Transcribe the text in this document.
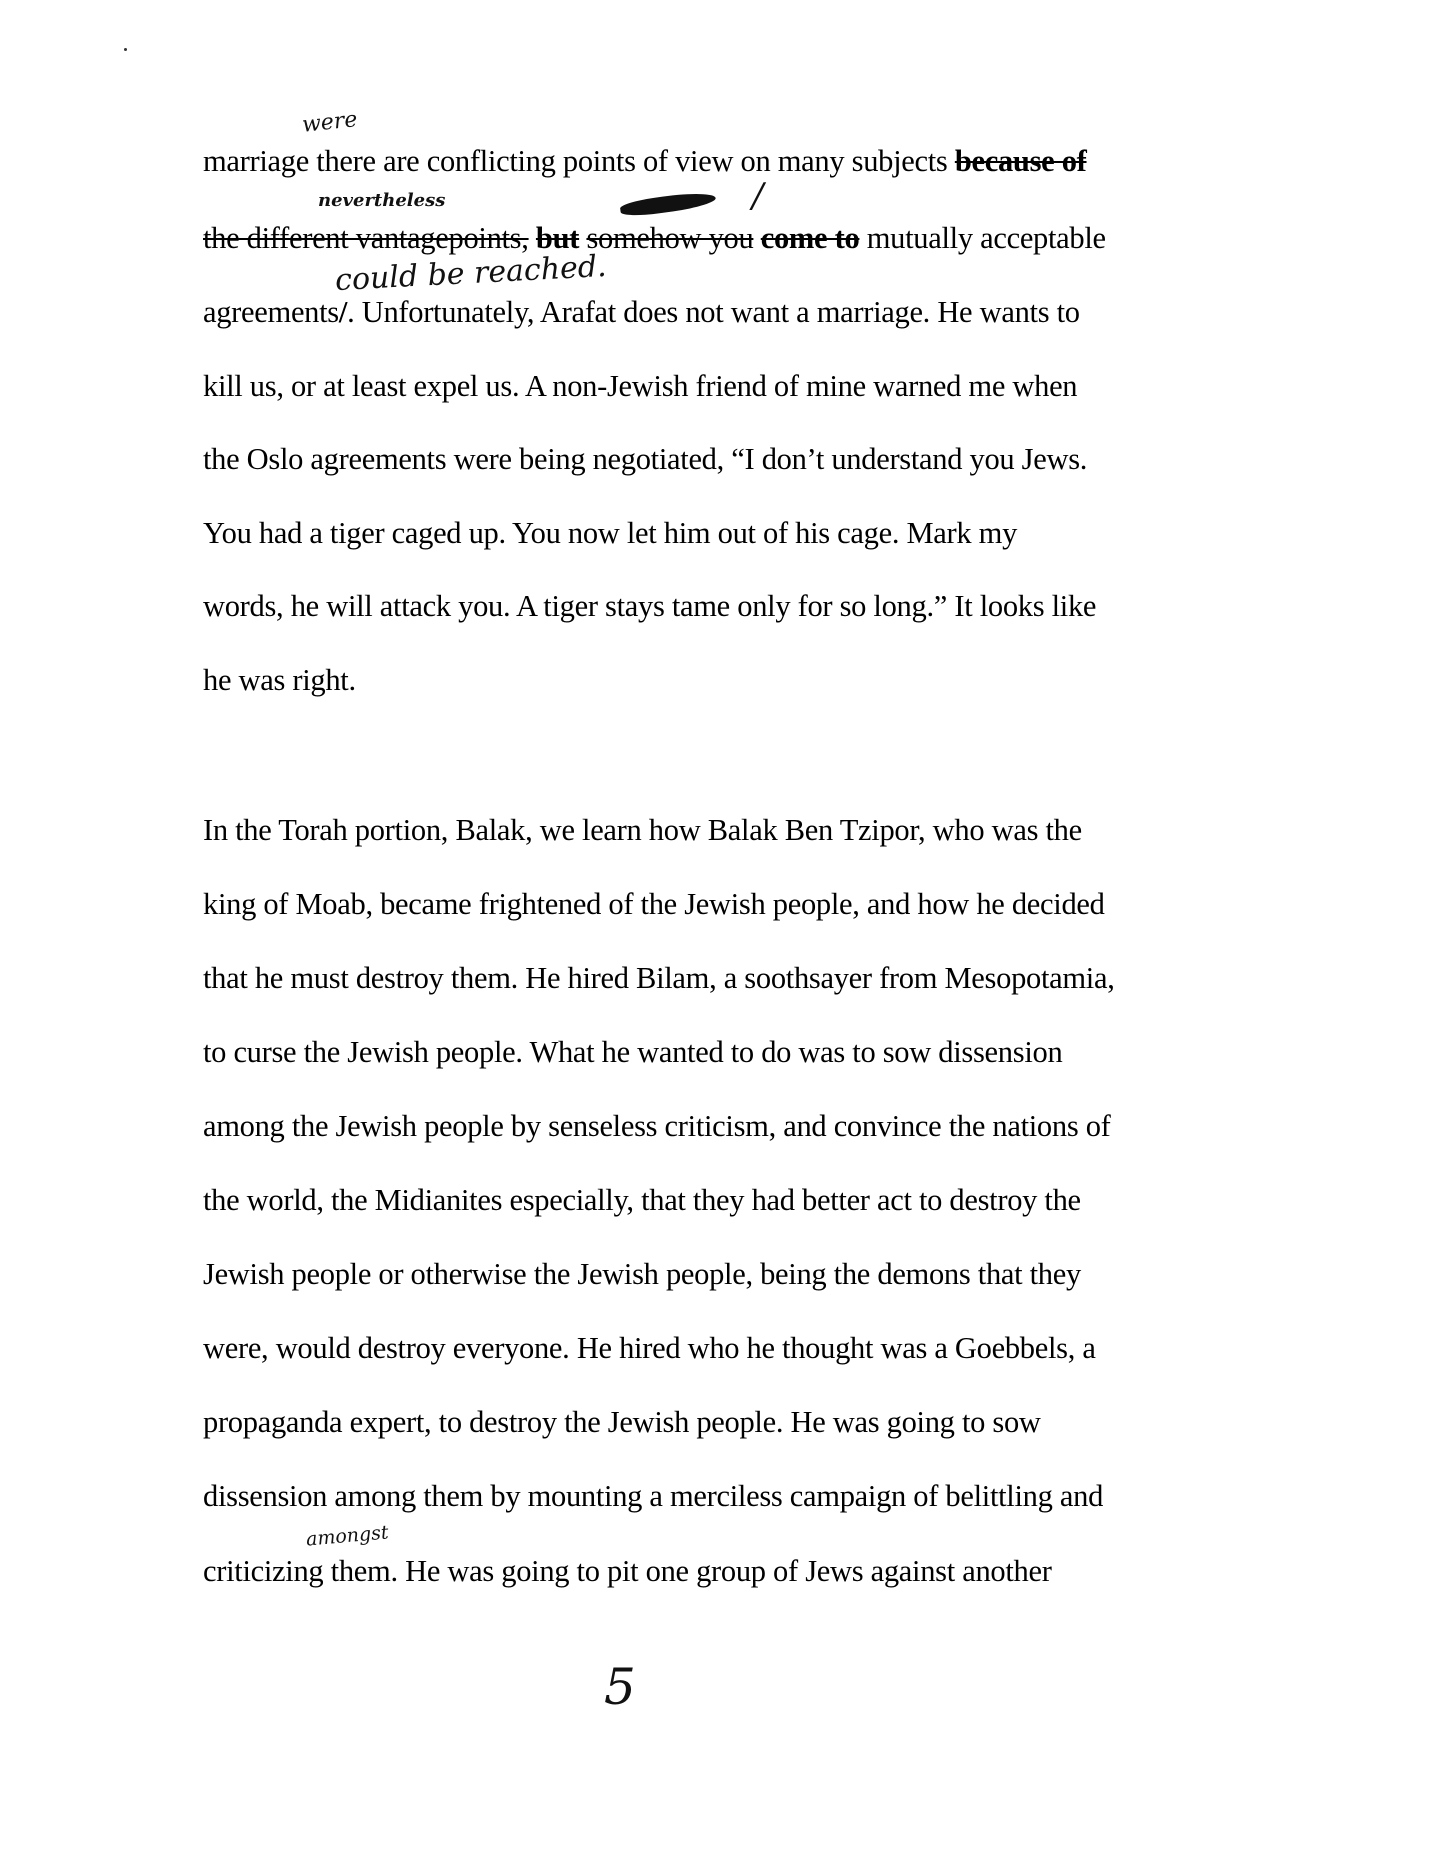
were
nevertheless	/
could be reached.
marriage there are conflicting points of view on many subjects because of
the different vantagepoints, but somehow you come to mutually acceptable
agreements/. Unfortunately, Arafat does not want a marriage. He wants to
kill us, or at least expel us. A non-Jewish friend of mine warned me when
the Oslo agreements were being negotiated, “I don’t understand you Jews.
You had a tiger caged up. You now let him out of his cage. Mark my
words, he will attack you. A tiger stays tame only for so long.” It looks like
he was right.
In the Torah portion, Balak, we learn how Balak Ben Tzipor, who was the
king of Moab, became frightened of the Jewish people, and how he decided
that he must destroy them. He hired Bilam, a soothsayer from Mesopotamia,
to curse the Jewish people. What he wanted to do was to sow dissension
among the Jewish people by senseless criticism, and convince the nations of
the world, the Midianites especially, that they had better act to destroy the
Jewish people or otherwise the Jewish people, being the demons that they
were, would destroy everyone. He hired who he thought was a Goebbels, a
propaganda expert, to destroy the Jewish people. He was going to sow
dissension among them by mounting a merciless campaign of belittling and
amongst
criticizing them. He was going to pit one group of Jews against another
5
